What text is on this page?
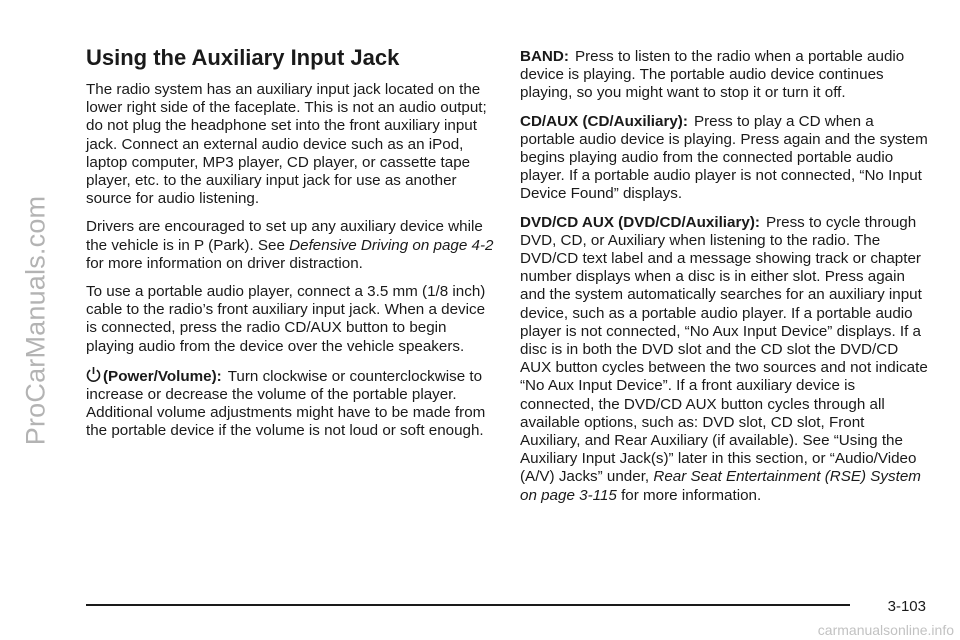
ProCarManuals.com
Using the Auxiliary Input Jack

The radio system has an auxiliary input jack located on the lower right side of the faceplate. This is not an audio output; do not plug the headphone set into the front auxiliary input jack. Connect an external audio device such as an iPod, laptop computer, MP3 player, CD player, or cassette tape player, etc. to the auxiliary input jack for use as another source for audio listening.

Drivers are encouraged to set up any auxiliary device while the vehicle is in P (Park). See Defensive Driving on page 4-2 for more information on driver distraction.

To use a portable audio player, connect a 3.5 mm (1/8 inch) cable to the radio’s front auxiliary input jack. When a device is connected, press the radio CD/AUX button to begin playing audio from the device over the vehicle speakers.

(Power/Volume): Turn clockwise or counterclockwise to increase or decrease the volume of the portable player. Additional volume adjustments might have to be made from the portable device if the volume is not loud or soft enough.

BAND: Press to listen to the radio when a portable audio device is playing. The portable audio device continues playing, so you might want to stop it or turn it off.

CD/AUX (CD/Auxiliary): Press to play a CD when a portable audio device is playing. Press again and the system begins playing audio from the connected portable audio player. If a portable audio player is not connected, “No Input Device Found” displays.

DVD/CD AUX (DVD/CD/Auxiliary): Press to cycle through DVD, CD, or Auxiliary when listening to the radio. The DVD/CD text label and a message showing track or chapter number displays when a disc is in either slot. Press again and the system automatically searches for an auxiliary input device, such as a portable audio player. If a portable audio player is not connected, “No Aux Input Device” displays. If a disc is in both the DVD slot and the CD slot the DVD/CD AUX button cycles between the two sources and not indicate “No Aux Input Device”. If a front auxiliary device is connected, the DVD/CD AUX button cycles through all available options, such as: DVD slot, CD slot, Front Auxiliary, and Rear Auxiliary (if available). See “Using the Auxiliary Input Jack(s)” later in this section, or “Audio/Video (A/V) Jacks” under, Rear Seat Entertainment (RSE) System on page 3-115 for more information.

3-103
carmanualsonline.info
